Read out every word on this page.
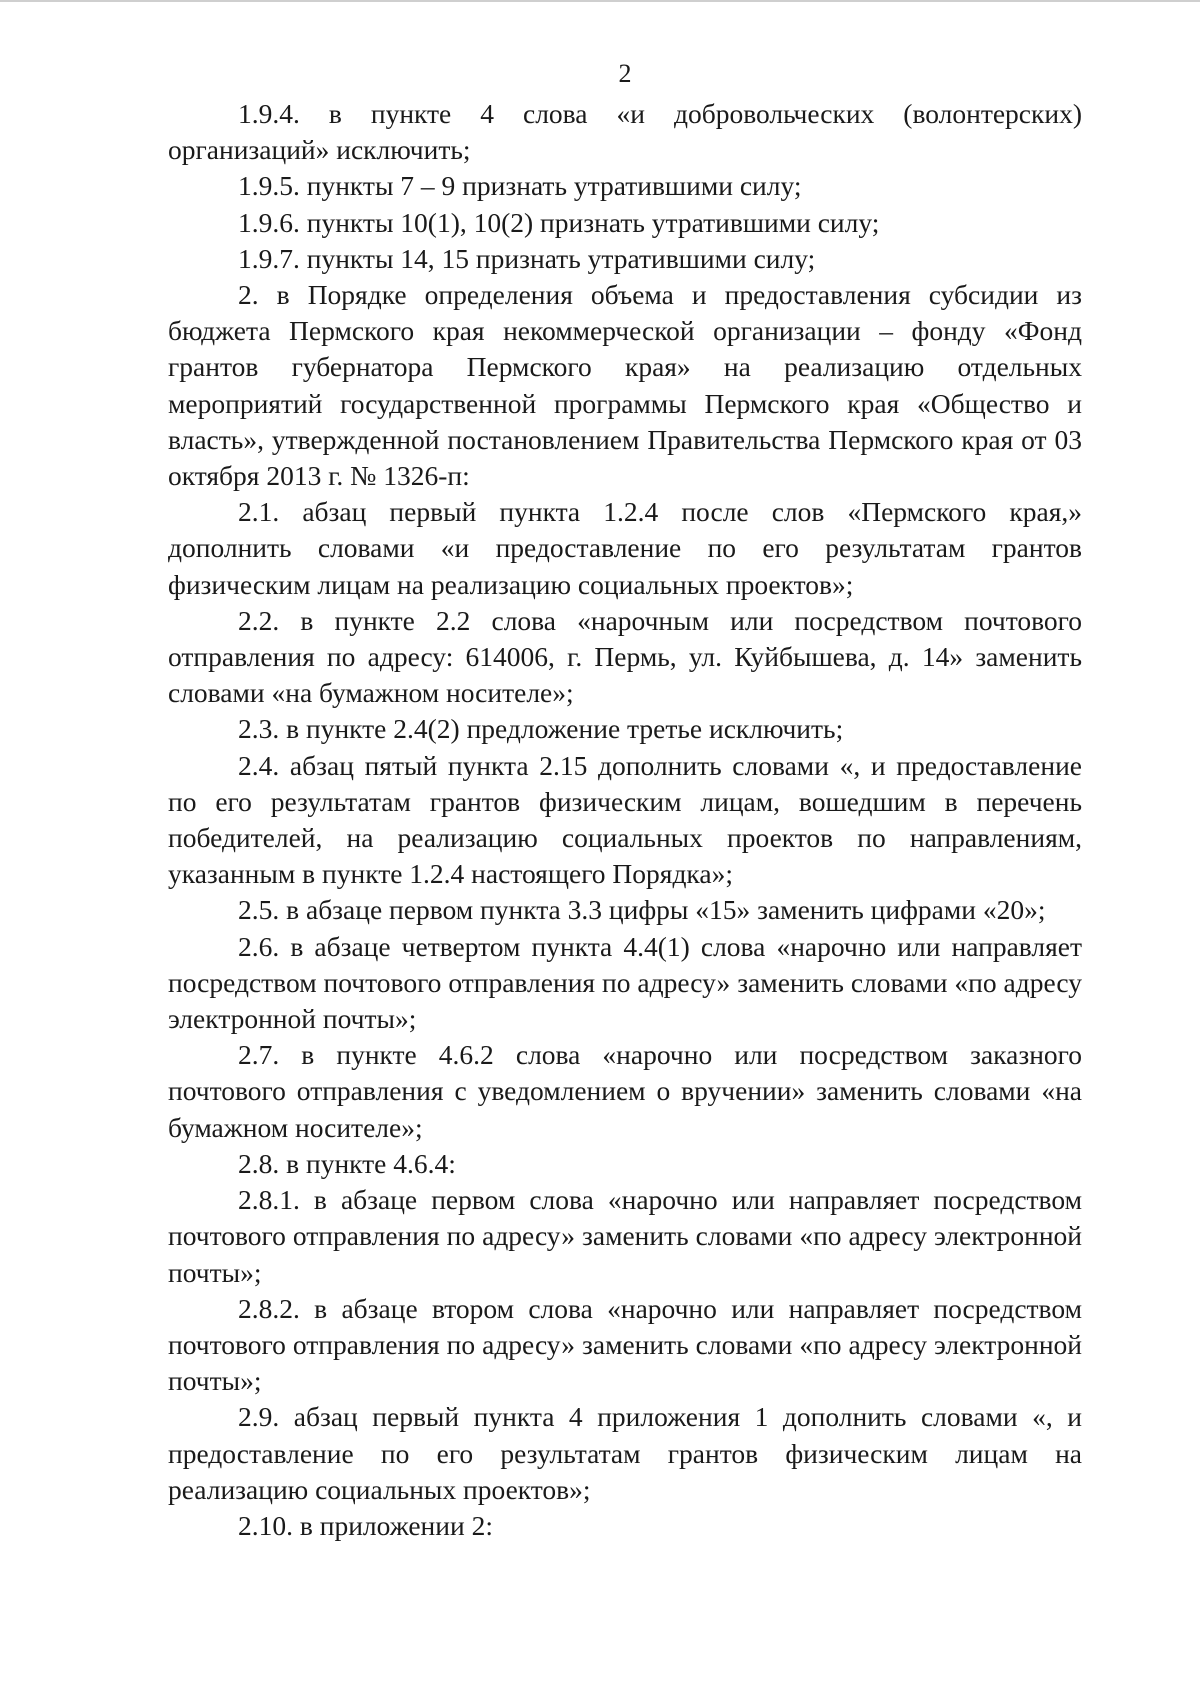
2

1.9.4. в пункте 4 слова «и добровольческих (волонтерских) организаций» исключить;

1.9.5. пункты 7 – 9 признать утратившими силу;

1.9.6. пункты 10(1), 10(2) признать утратившими силу;

1.9.7. пункты 14, 15 признать утратившими силу;

2. в Порядке определения объема и предоставления субсидии из бюджета Пермского края некоммерческой организации – фонду «Фонд грантов губернатора Пермского края» на реализацию отдельных мероприятий государственной программы Пермского края «Общество и власть», утвержденной постановлением Правительства Пермского края от 03 октября 2013 г. № 1326-п:

2.1. абзац первый пункта 1.2.4 после слов «Пермского края,» дополнить словами «и предоставление по его результатам грантов физическим лицам на реализацию социальных проектов»;

2.2. в пункте 2.2 слова «нарочным или посредством почтового отправления по адресу: 614006, г. Пермь, ул. Куйбышева, д. 14» заменить словами «на бумажном носителе»;

2.3. в пункте 2.4(2) предложение третье исключить;

2.4. абзац пятый пункта 2.15 дополнить словами «, и предоставление по его результатам грантов физическим лицам, вошедшим в перечень победителей, на реализацию социальных проектов по направлениям, указанным в пункте 1.2.4 настоящего Порядка»;

2.5. в абзаце первом пункта 3.3 цифры «15» заменить цифрами «20»;

2.6. в абзаце четвертом пункта 4.4(1) слова «нарочно или направляет посредством почтового отправления по адресу» заменить словами «по адресу электронной почты»;

2.7. в пункте 4.6.2 слова «нарочно или посредством заказного почтового отправления с уведомлением о вручении» заменить словами «на бумажном носителе»;

2.8. в пункте 4.6.4:

2.8.1. в абзаце первом слова «нарочно или направляет посредством почтового отправления по адресу» заменить словами «по адресу электронной почты»;

2.8.2. в абзаце втором слова «нарочно или направляет посредством почтового отправления по адресу» заменить словами «по адресу электронной почты»;

2.9. абзац первый пункта 4 приложения 1 дополнить словами «, и предоставление по его результатам грантов физическим лицам на реализацию социальных проектов»;

2.10. в приложении 2:
